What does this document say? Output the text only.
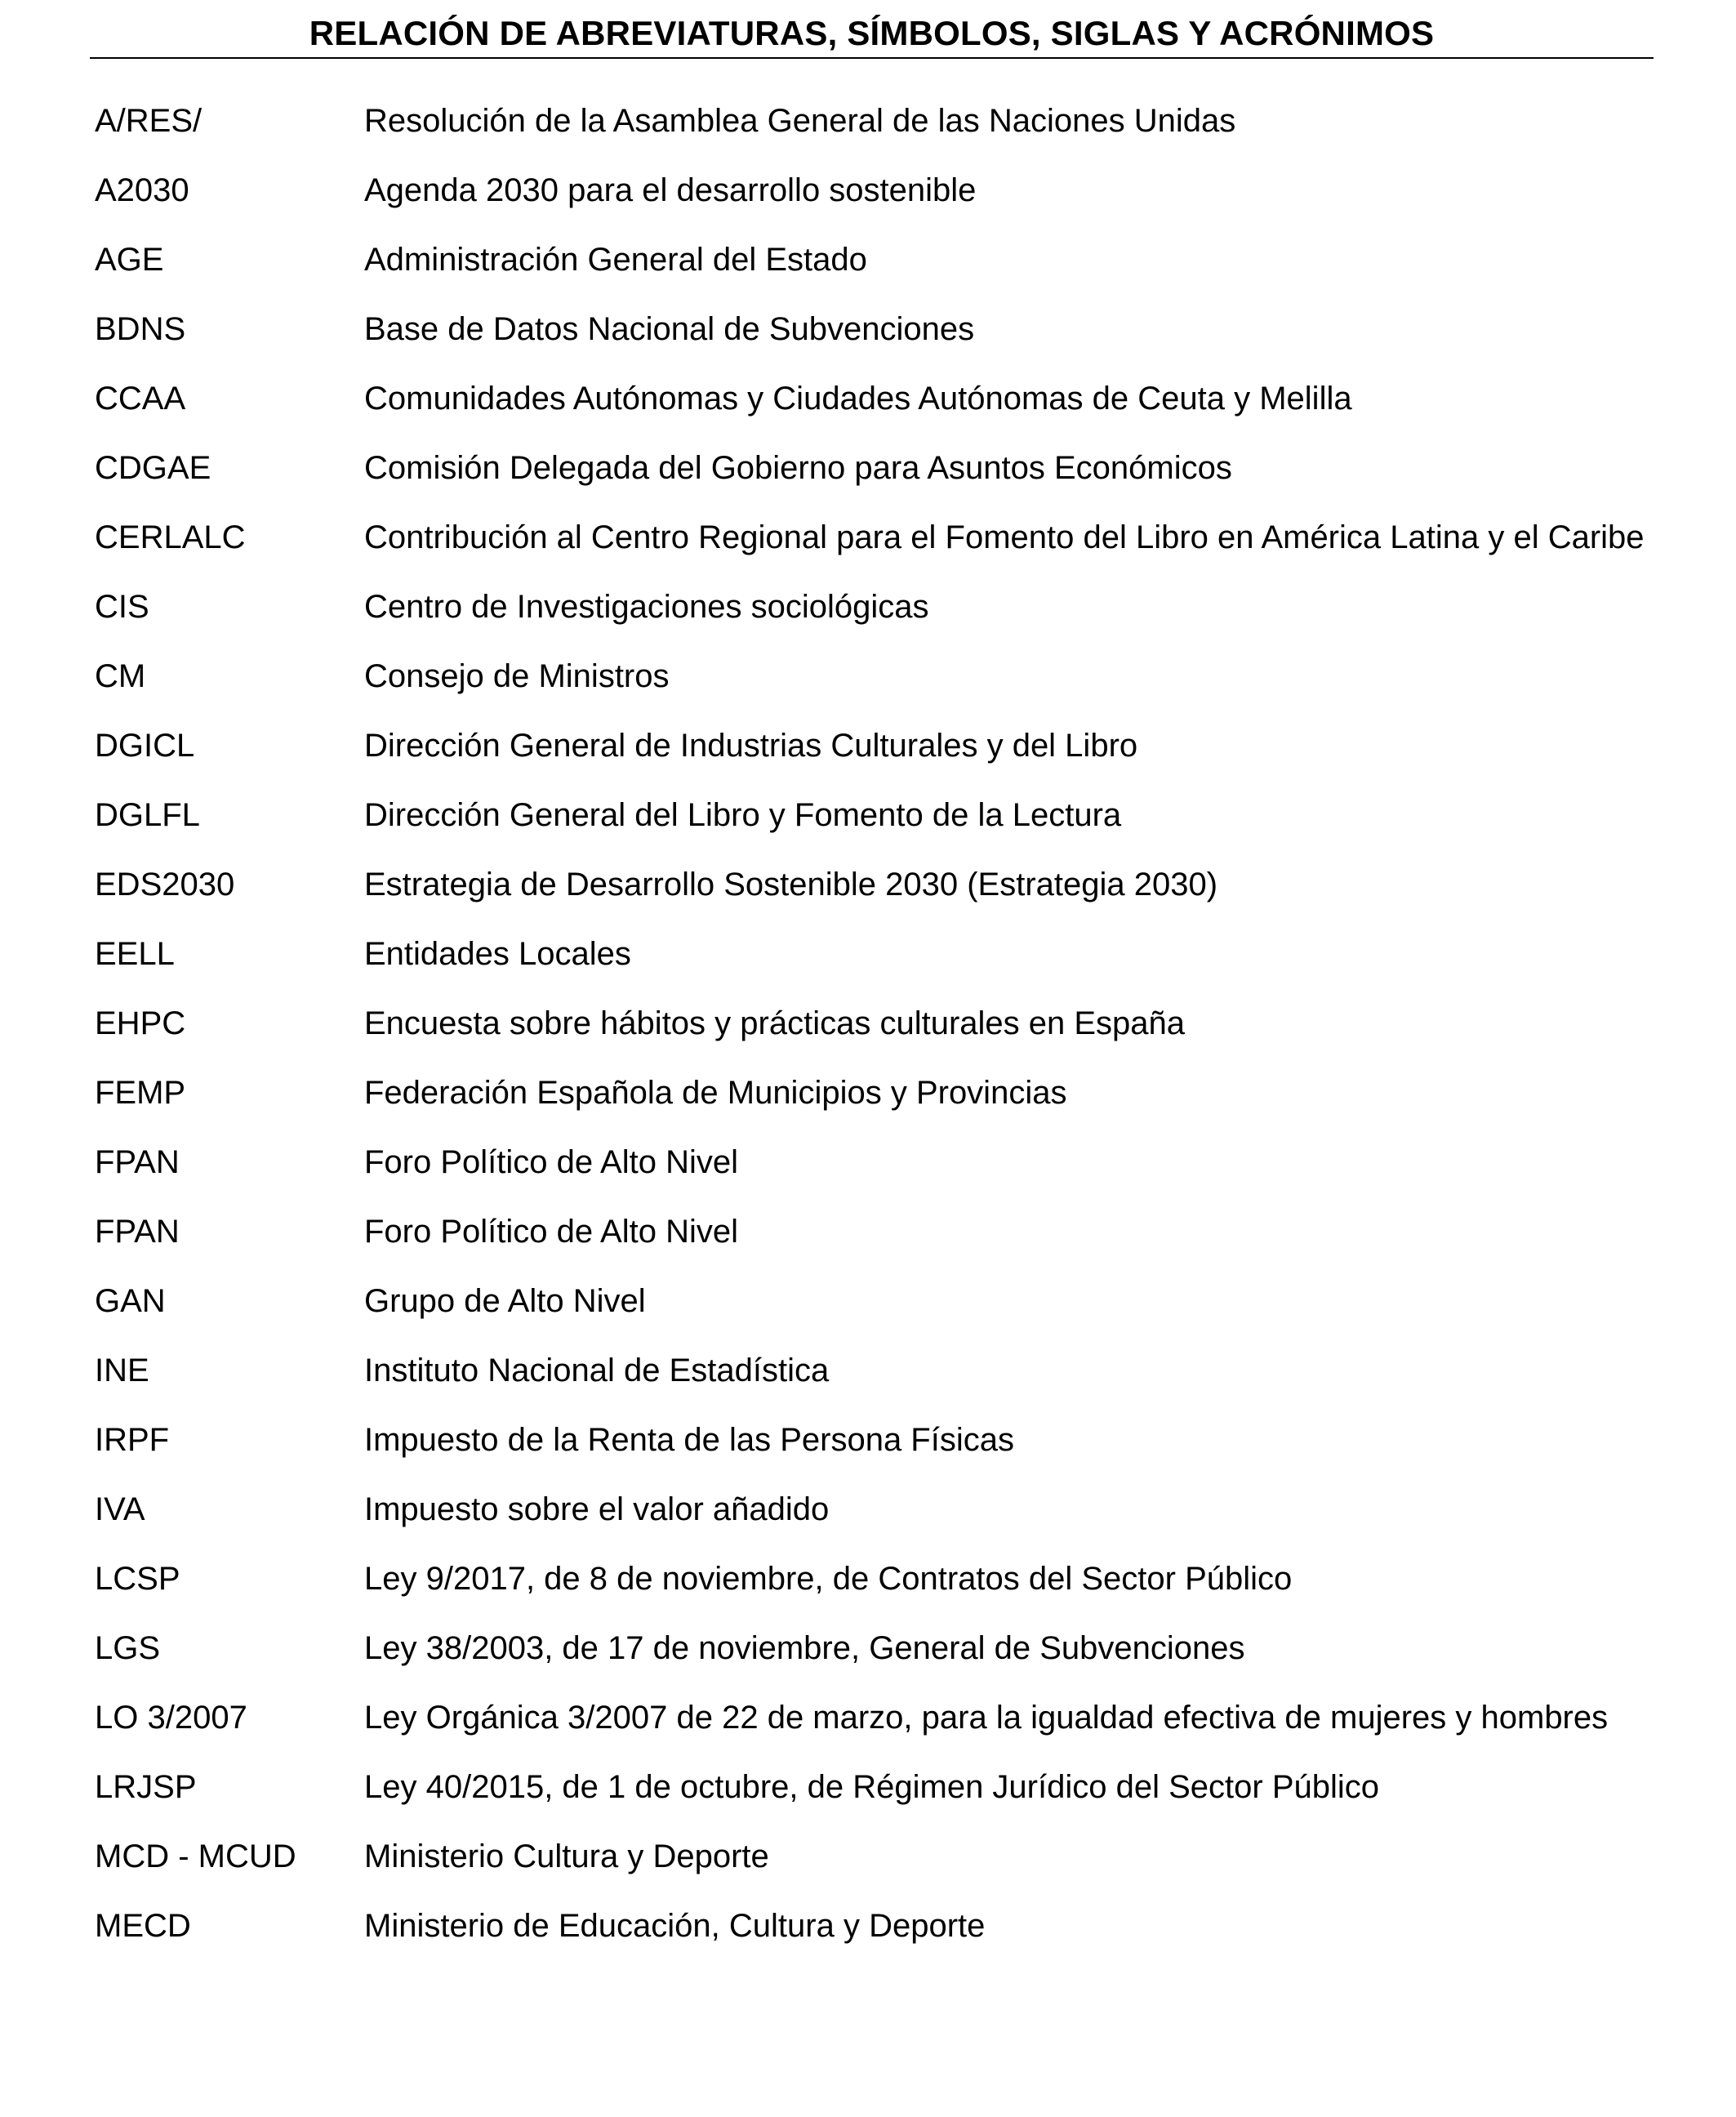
RELACIÓN DE ABREVIATURAS, SÍMBOLOS, SIGLAS Y ACRÓNIMOS
A/RES/	Resolución de la Asamblea General de las Naciones Unidas
A2030	Agenda 2030 para el desarrollo sostenible
AGE	Administración General del Estado
BDNS	Base de Datos Nacional de Subvenciones
CCAA	Comunidades Autónomas y Ciudades Autónomas de Ceuta y Melilla
CDGAE	Comisión Delegada del Gobierno para Asuntos Económicos
CERLALC	Contribución al Centro Regional para el Fomento del Libro en América Latina y el Caribe
CIS	Centro de Investigaciones sociológicas
CM	Consejo de Ministros
DGICL	Dirección General de Industrias Culturales y del Libro
DGLFL	Dirección General del Libro y Fomento de la Lectura
EDS2030	Estrategia de Desarrollo Sostenible 2030 (Estrategia 2030)
EELL	Entidades Locales
EHPC	Encuesta sobre hábitos y prácticas culturales en España
FEMP	Federación Española de Municipios y Provincias
FPAN	Foro Político de Alto Nivel
FPAN	Foro Político de Alto Nivel
GAN	Grupo de Alto Nivel
INE	Instituto Nacional de Estadística
IRPF	Impuesto de la Renta de las Persona Físicas
IVA	Impuesto sobre el valor añadido
LCSP	Ley 9/2017, de 8 de noviembre, de Contratos del Sector Público
LGS	Ley 38/2003, de 17 de noviembre, General de Subvenciones
LO 3/2007	Ley Orgánica 3/2007 de 22 de marzo, para la igualdad efectiva de mujeres y hombres
LRJSP	Ley 40/2015, de 1 de octubre, de Régimen Jurídico del Sector Público
MCD - MCUD	Ministerio Cultura y Deporte
MECD	Ministerio de Educación, Cultura y Deporte
